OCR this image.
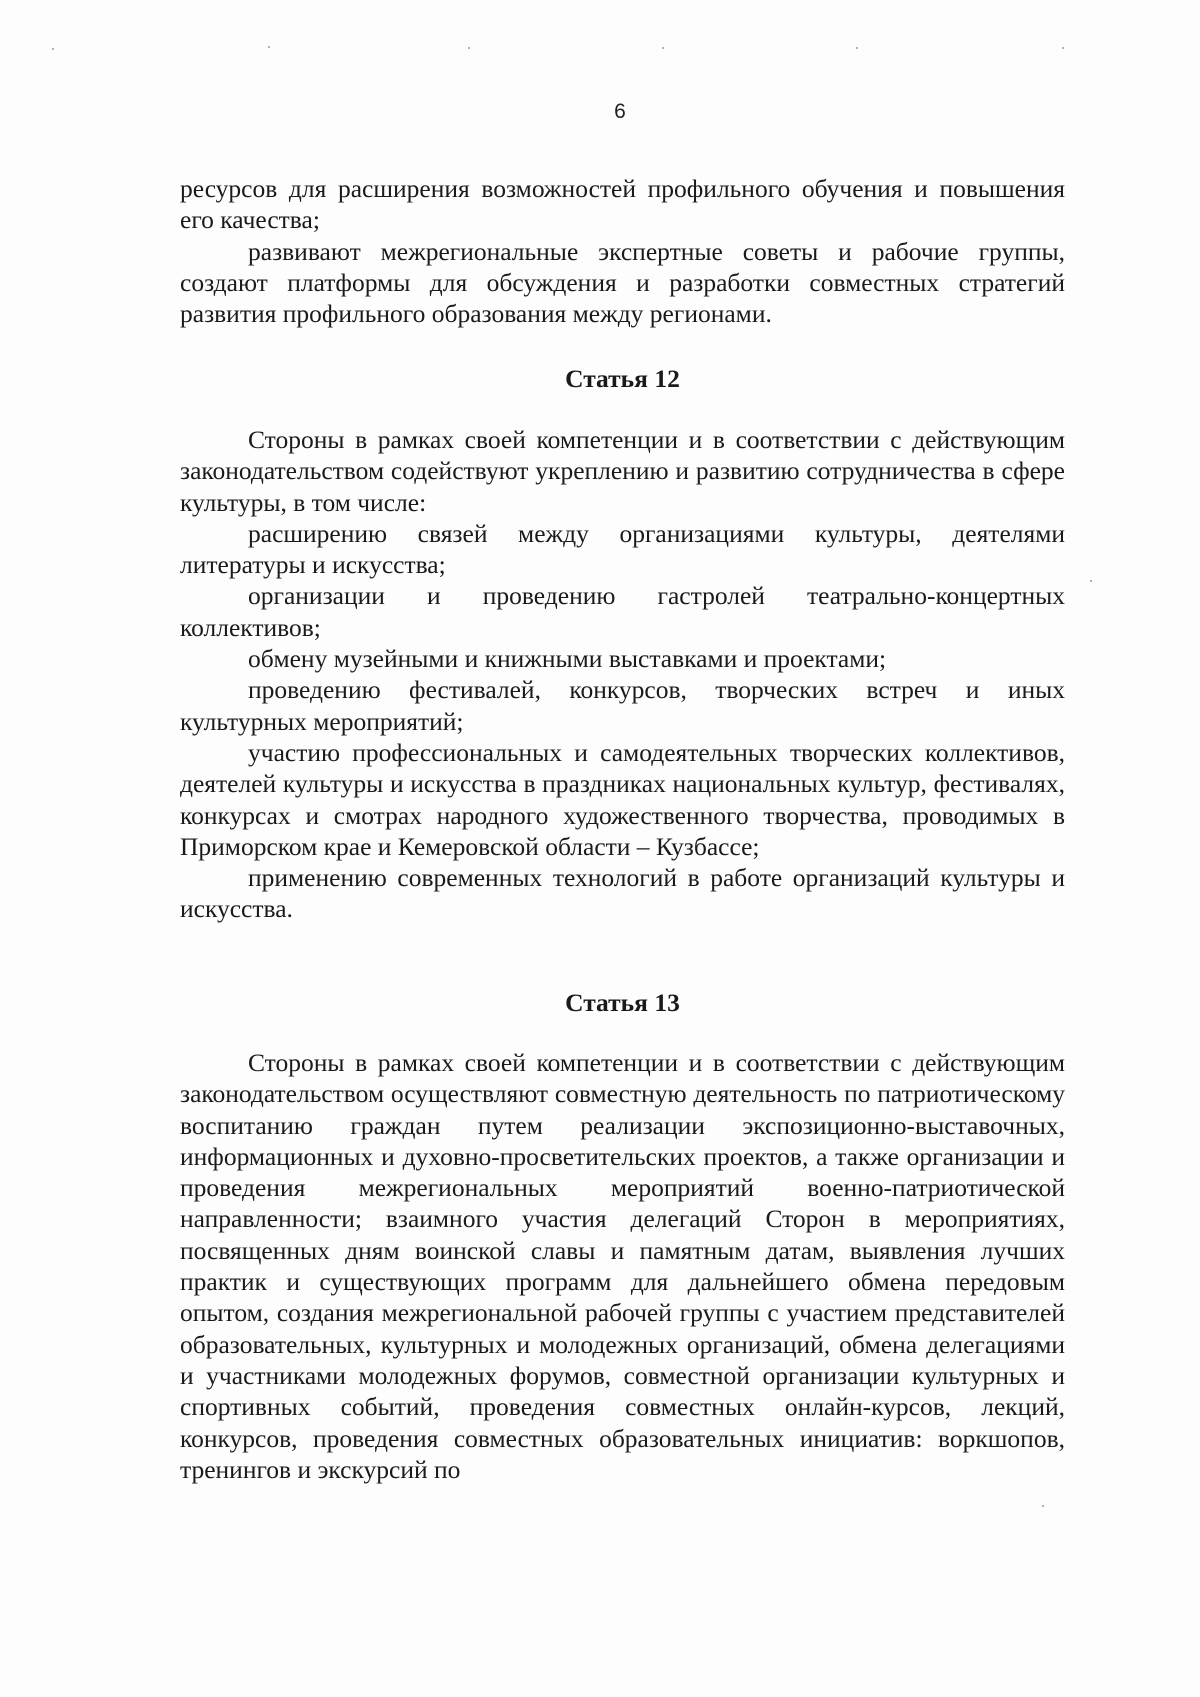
6

ресурсов для расширения возможностей профильного обучения и повышения его качества;

развивают межрегиональные экспертные советы и рабочие группы, создают платформы для обсуждения и разработки совместных стратегий развития профильного образования между регионами.

Статья 12

Стороны в рамках своей компетенции и в соответствии с действующим законодательством содействуют укреплению и развитию сотрудничества в сфере культуры, в том числе:

расширению связей между организациями культуры, деятелями литературы и искусства;

организации и проведению гастролей театрально-концертных коллективов;

обмену музейными и книжными выставками и проектами;

проведению фестивалей, конкурсов, творческих встреч и иных культурных мероприятий;

участию профессиональных и самодеятельных творческих коллективов, деятелей культуры и искусства в праздниках национальных культур, фестивалях, конкурсах и смотрах народного художественного творчества, проводимых в Приморском крае и Кемеровской области – Кузбассе;

применению современных технологий в работе организаций культуры и искусства.

Статья 13

Стороны в рамках своей компетенции и в соответствии с действующим законодательством осуществляют совместную деятельность по патриотическому воспитанию граждан путем реализации экспозиционно-выставочных, информационных и духовно-просветительских проектов, а также организации и проведения межрегиональных мероприятий военно-патриотической направленности; взаимного участия делегаций Сторон в мероприятиях, посвященных дням воинской славы и памятным датам, выявления лучших практик и существующих программ для дальнейшего обмена передовым опытом, создания межрегиональной рабочей группы с участием представителей образовательных, культурных и молодежных организаций, обмена делегациями и участниками молодежных форумов, совместной организации культурных и спортивных событий, проведения совместных онлайн-курсов, лекций, конкурсов, проведения совместных образовательных инициатив: воркшопов, тренингов и экскурсий по
